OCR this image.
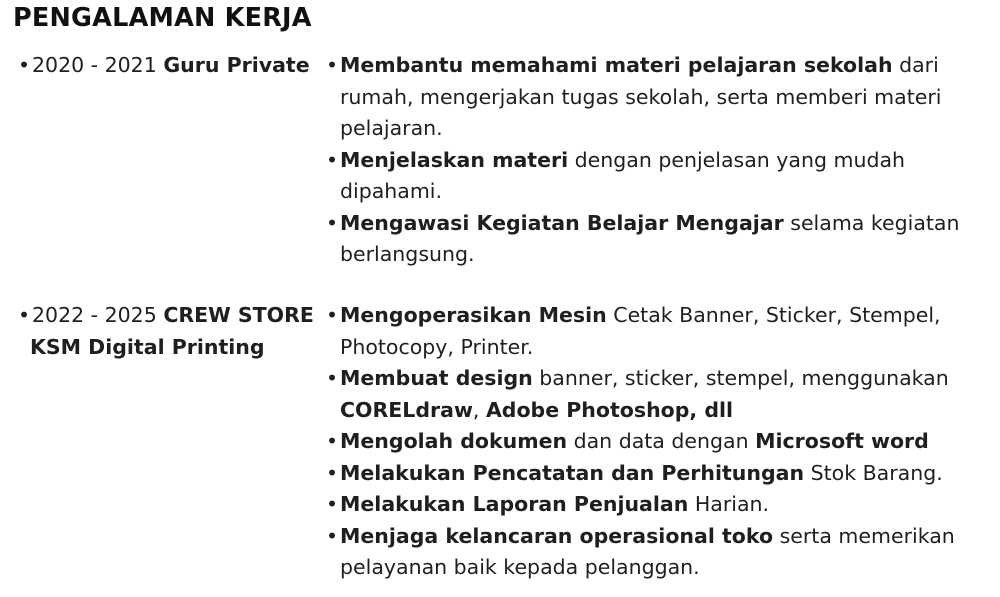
PENGALAMAN KERJA
•2020 - 2021 Guru Private •Membantu memahami materi pelajaran sekolah dari rumah, mengerjakan tugas sekolah, serta memberi materi pelajaran.
•Menjelaskan materi dengan penjelasan yang mudah dipahami.
•Mengawasi Kegiatan Belajar Mengajar selama kegiatan berlangsung.
•2022 - 2025 CREW STORE
KSM Digital Printing
•Mengoperasikan Mesin Cetak Banner, Sticker, Stempel, Photocopy, Printer.
•Membuat design banner, sticker, stempel, menggunakan CORELdraw, Adobe Photoshop, dll
•Mengolah dokumen dan data dengan Microsoft word
•Melakukan Pencatatan dan Perhitungan Stok Barang.
•Melakukan Laporan Penjualan Harian.
•Menjaga kelancaran operasional toko serta memerikan pelayanan baik kepada pelanggan.
